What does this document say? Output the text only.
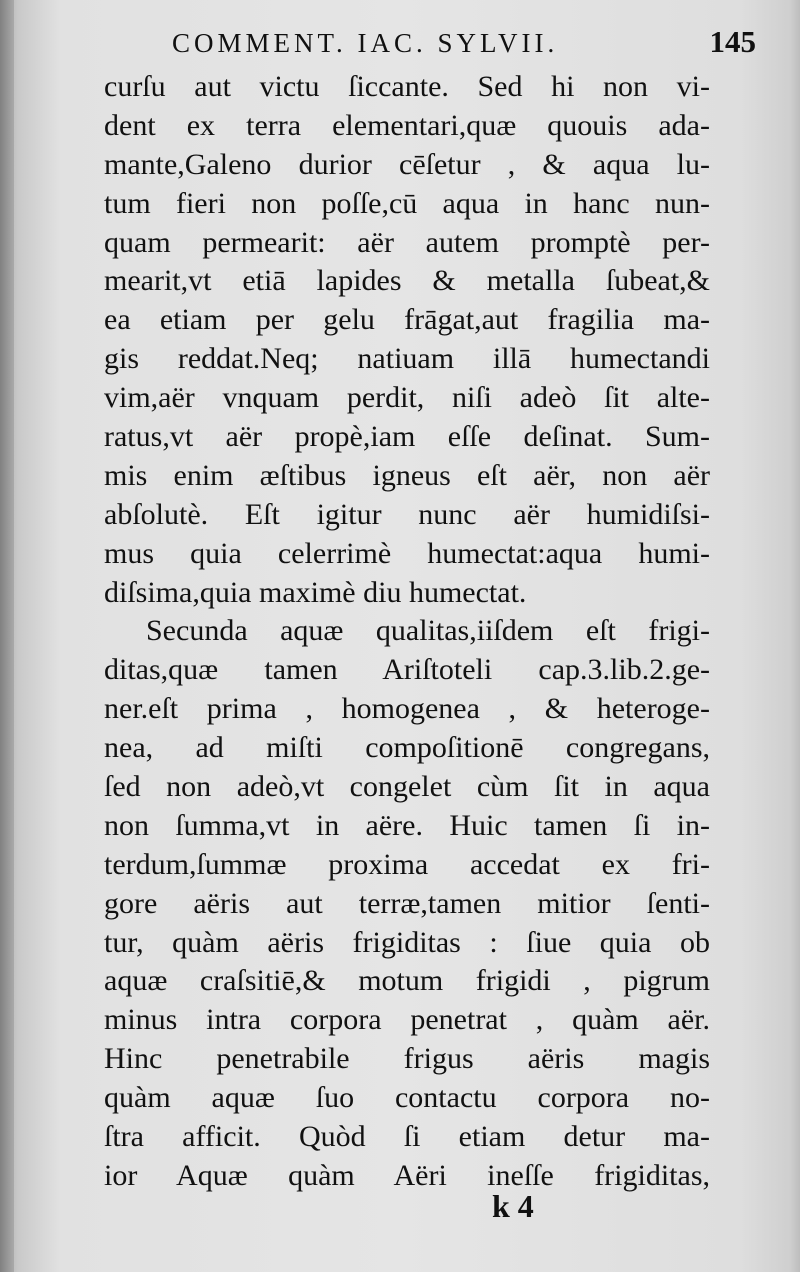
COMMENT. IAC. SYLVII.	145
curſu aut victu ſiccante. Sed hi non vi-
dent ex terra elementari,quæ quouis ada-
mante,Galeno durior cēſetur , & aqua lu-
tum fieri non poſſe,cū aqua in hanc nun-
quam permearit: aër autem promptè per-
mearit,vt etiā lapides & metalla ſubeat,&
ea etiam per gelu frāgat,aut fragilia ma-
gis reddat.Neq; natiuam illā humectandi
vim,aër vnquam perdit, niſi adeò ſit alte-
ratus,vt aër propè,iam eſſe deſinat. Sum-
mis enim æſtibus igneus eſt aër, non aër
abſolutè. Eſt igitur nunc aër humidiſsi-
mus quia celerrimè humectat:aqua humi-
diſsima,quia maximè diu humectat.
Secunda aquæ qualitas,iiſdem eſt frigi-
ditas,quæ tamen Ariſtoteli cap.3.lib.2.ge-
ner.eſt prima , homogenea , & heteroge-
nea, ad miſti compoſitionē congregans,
ſed non adeò,vt congelet cùm ſit in aqua
non ſumma,vt in aëre. Huic tamen ſi in-
terdum,ſummæ proxima accedat ex fri-
gore aëris aut terræ,tamen mitior ſenti-
tur, quàm aëris frigiditas : ſiue quia ob
aquæ craſsitiē,& motum frigidi , pigrum
minus intra corpora penetrat , quàm aër.
Hinc penetrabile frigus aëris magis
quàm aquæ ſuo contactu corpora no-
ſtra afficit. Quòd ſi etiam detur ma-
ior Aquæ quàm Aëri ineſſe frigiditas,
k 4
